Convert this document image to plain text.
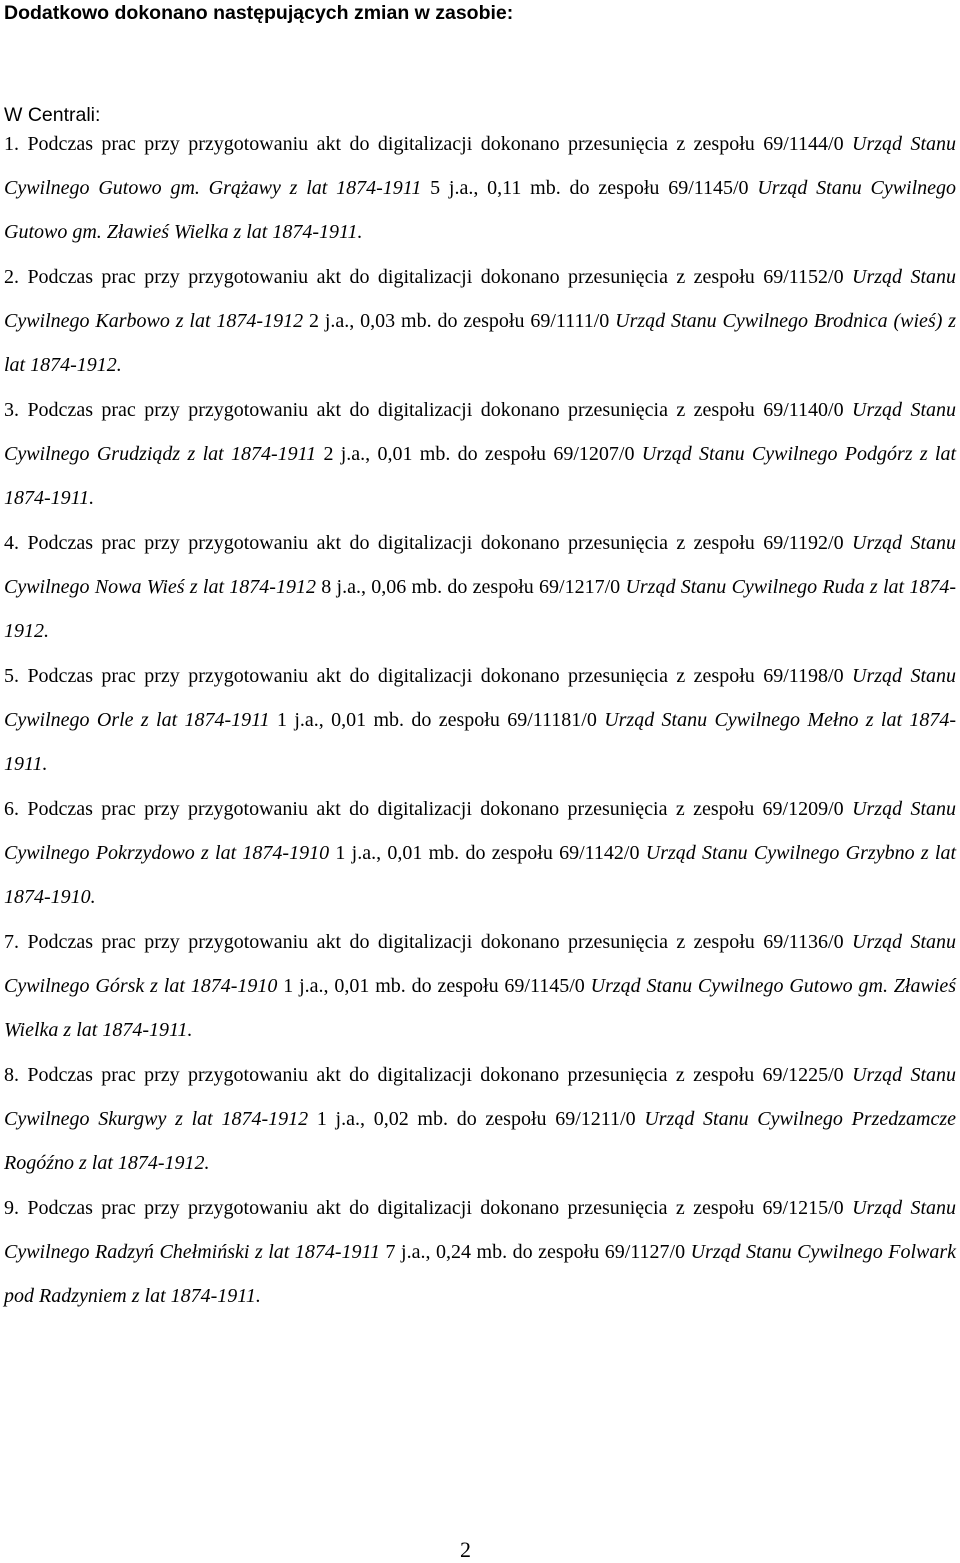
Dodatkowo dokonano następujących zmian w zasobie:

W Centrali:

1. Podczas prac przy przygotowaniu akt do digitalizacji dokonano przesunięcia z zespołu 69/1144/0 Urząd Stanu Cywilnego Gutowo gm. Grążawy z lat 1874-1911 5 j.a., 0,11 mb. do zespołu 69/1145/0 Urząd Stanu Cywilnego Gutowo gm. Zławieś Wielka z lat 1874-1911.

2. Podczas prac przy przygotowaniu akt do digitalizacji dokonano przesunięcia z zespołu 69/1152/0 Urząd Stanu Cywilnego Karbowo z lat 1874-1912 2 j.a., 0,03 mb. do zespołu 69/1111/0 Urząd Stanu Cywilnego Brodnica (wieś) z lat 1874-1912.

3. Podczas prac przy przygotowaniu akt do digitalizacji dokonano przesunięcia z zespołu 69/1140/0 Urząd Stanu Cywilnego Grudziądz z lat 1874-1911 2 j.a., 0,01 mb. do zespołu 69/1207/0 Urząd Stanu Cywilnego Podgórz z lat 1874-1911.

4. Podczas prac przy przygotowaniu akt do digitalizacji dokonano przesunięcia z zespołu 69/1192/0 Urząd Stanu Cywilnego Nowa Wieś z lat 1874-1912 8 j.a., 0,06 mb. do zespołu 69/1217/0 Urząd Stanu Cywilnego Ruda z lat 1874-1912.

5. Podczas prac przy przygotowaniu akt do digitalizacji dokonano przesunięcia z zespołu 69/1198/0 Urząd Stanu Cywilnego Orle z lat 1874-1911 1 j.a., 0,01 mb. do zespołu 69/11181/0 Urząd Stanu Cywilnego Mełno z lat 1874-1911.

6. Podczas prac przy przygotowaniu akt do digitalizacji dokonano przesunięcia z zespołu 69/1209/0 Urząd Stanu Cywilnego Pokrzydowo z lat 1874-1910 1 j.a., 0,01 mb. do zespołu 69/1142/0 Urząd Stanu Cywilnego Grzybno z lat 1874-1910.

7. Podczas prac przy przygotowaniu akt do digitalizacji dokonano przesunięcia z zespołu 69/1136/0 Urząd Stanu Cywilnego Górsk z lat 1874-1910 1 j.a., 0,01 mb. do zespołu 69/1145/0 Urząd Stanu Cywilnego Gutowo gm. Zławieś Wielka z lat 1874-1911.

8. Podczas prac przy przygotowaniu akt do digitalizacji dokonano przesunięcia z zespołu 69/1225/0 Urząd Stanu Cywilnego Skurgwy z lat 1874-1912 1 j.a., 0,02 mb. do zespołu 69/1211/0 Urząd Stanu Cywilnego Przedzamcze Rogóźno z lat 1874-1912.

9. Podczas prac przy przygotowaniu akt do digitalizacji dokonano przesunięcia z zespołu 69/1215/0 Urząd Stanu Cywilnego Radzyń Chełmiński z lat 1874-1911 7 j.a., 0,24 mb. do zespołu 69/1127/0 Urząd Stanu Cywilnego Folwark pod Radzyniem z lat 1874-1911.

2
